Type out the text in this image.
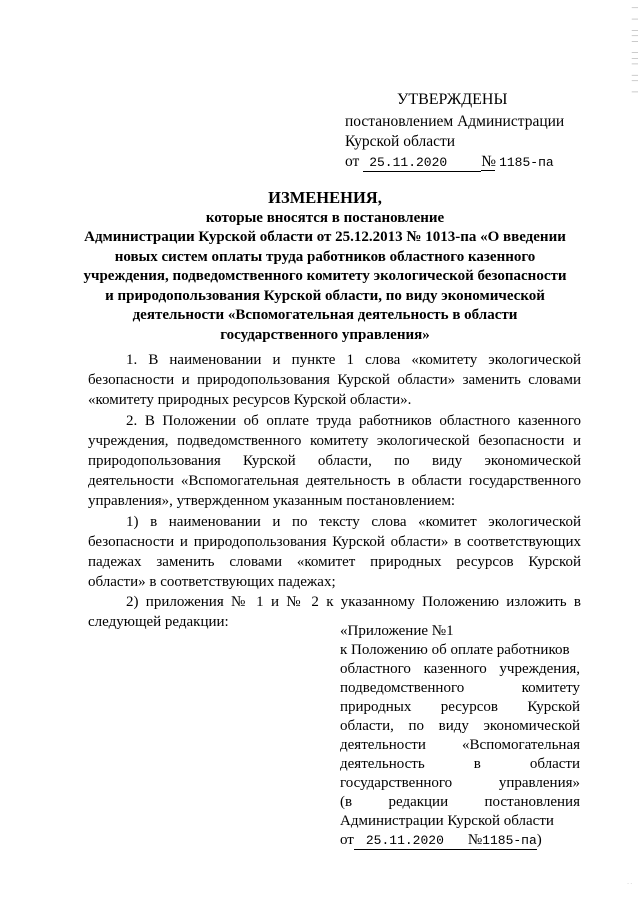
| | ||| ||| || |
УТВЕРЖДЕНЫ
постановлением Администрации
Курской области
от 25.11.2020 № 1185-па
ИЗМЕНЕНИЯ,
которые вносятся в постановление
Администрации Курской области от 25.12.2013 № 1013-па «О введении
новых систем оплаты труда работников областного казенного
учреждения, подведомственного комитету экологической безопасности
и природопользования Курской области, по виду экономической
деятельности «Вспомогательная деятельность в области
государственного управления»
1. В наименовании и пункте 1 слова «комитету экологической
безопасности и природопользования Курской области» заменить словами
«комитету природных ресурсов Курской области».
2. В Положении об оплате труда работников областного казенного
учреждения, подведомственного комитету экологической безопасности и
природопользования Курской области, по виду экономической
деятельности «Вспомогательная деятельность в области государственного
управления», утвержденном указанным постановлением:
1) в наименовании и по тексту слова «комитет экологической
безопасности и природопользования Курской области» в соответствующих
падежах заменить словами «комитет природных ресурсов Курской
области» в соответствующих падежах;
2) приложения № 1 и № 2 к указанному Положению изложить в
следующей редакции:
«Приложение №1
к Положению об оплате работников
областного казенного учреждения,
подведомственного комитету
природных ресурсов Курской
области, по виду экономической
деятельности «Вспомогательная
деятельность в области
государственного управления»
(в редакции постановления
Администрации Курской области
от 25.11.2020 №1185-па)
· ·
